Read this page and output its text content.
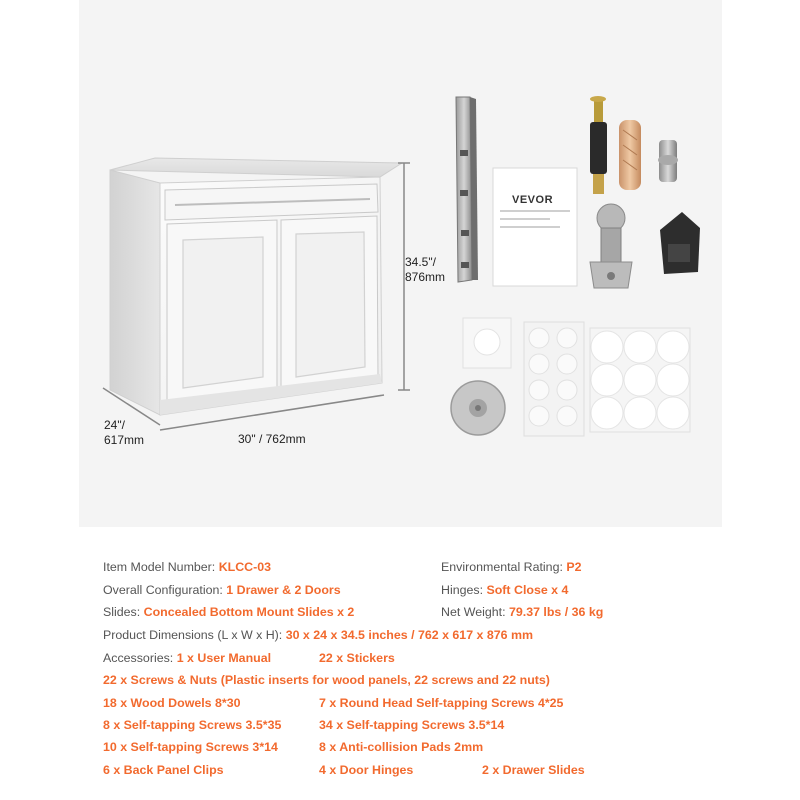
34.5"/
876mm
24"/
617mm	30" / 762mm
VEVOR
Item Model Number: KLCC-03	Environmental Rating: P2
Overall Configuration: 1 Drawer & 2 Doors	Hinges: Soft Close x 4
Slides: Concealed Bottom Mount Slides x 2	Net Weight: 79.37 lbs / 36 kg
Product Dimensions (L x W x H): 30 x 24 x 34.5 inches / 762 x 617 x 876 mm
Accessories: 1 x User Manual	22 x Stickers
22 x Screws & Nuts (Plastic inserts for wood panels, 22 screws and 22 nuts)
18 x Wood Dowels 8*30	7 x Round Head Self-tapping Screws 4*25
8 x Self-tapping Screws 3.5*35	34 x Self-tapping Screws 3.5*14
10 x Self-tapping Screws 3*14	8 x Anti-collision Pads 2mm
6 x Back Panel Clips	4 x Door Hinges	2 x Drawer Slides
